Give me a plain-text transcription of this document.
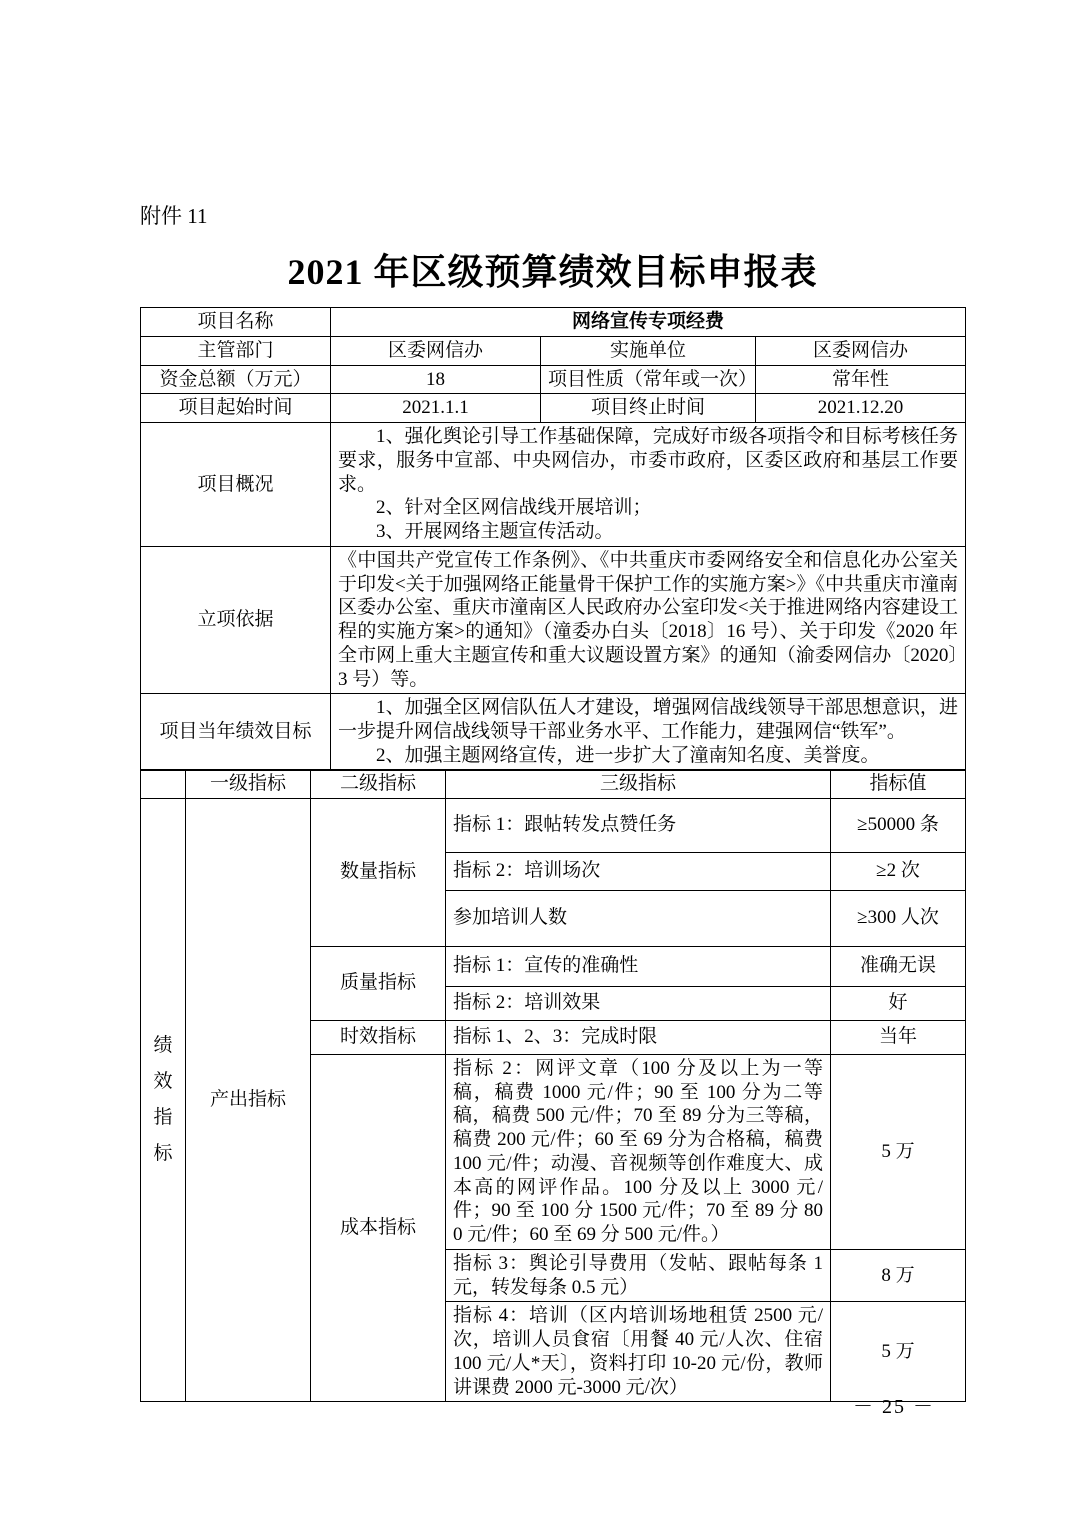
附件 11
2021 年区级预算绩效目标申报表
项目名称	网络宣传专项经费		
主管部门	区委网信办	实施单位	区委网信办
资金总额（万元）	18	项目性质（常年或一次）	常年性
项目起始时间	2021.1.1	项目终止时间	2021.12.20
项目概况	1、强化舆论引导工作基础保障，完成好市级各项指令和目标考核任务要求，服务中宣部、中央网信办，市委市政府，区委区政府和基层工作要求。

2、针对全区网信战线开展培训；

3、开展网络主题宣传活动。		

立项依据	《中国共产党宣传工作条例》、《中共重庆市委网络安全和信息化办公室关于印发<关于加强网络正能量骨干保护工作的实施方案>》《中共重庆市潼南区委办公室、重庆市潼南区人民政府办公室印发<关于推进网络内容建设工程的实施方案>的通知》（潼委办白头〔2018〕16 号）、关于印发《2020 年全市网上重大主题宣传和重大议题设置方案》的通知（渝委网信办〔2020〕3 号）等。		

项目当年绩效目标	1、加强全区网信队伍人才建设，增强网信战线领导干部思想意识，进一步提升网信战线领导干部业务水平、工作能力，建强网信“铁军”。

2、加强主题网络宣传，进一步扩大了潼南知名度、美誉度。		

	一级指标	二级指标	三级指标	指标值

绩效指标	产出指标	数量指标	指标 1：跟帖转发点赞任务	≥50000 条
			指标 2：培训场次	≥2 次
			参加培训人数	≥300 人次
		质量指标	指标 1：宣传的准确性	准确无误
			指标 2：培训效果	好
		时效指标	指标 1、2、3：完成时限	当年
		成本指标	指标 2：网评文章（100 分及以上为一等稿，稿费 1000 元/件；90 至 100 分为二等稿，稿费 500 元/件；70 至 89 分为三等稿，稿费 200 元/件；60 至 69 分为合格稿，稿费 100 元/件；动漫、音视频等创作难度大、成本高的网评作品。100 分及以上 3000 元/件；90 至 100 分 1500 元/件；70 至 89 分 800 元/件；60 至 69 分 500 元/件。）	5 万

			指标 3：舆论引导费用（发帖、跟帖每条 1 元，转发每条 0.5 元）	8 万

			指标 4：培训（区内培训场地租赁 2500 元/次，培训人员食宿〔用餐 40 元/人次、住宿 100 元/人*天〕，资料打印 10-20 元/份，教师讲课费 2000 元-3000 元/次）	5 万
－ 25 －
